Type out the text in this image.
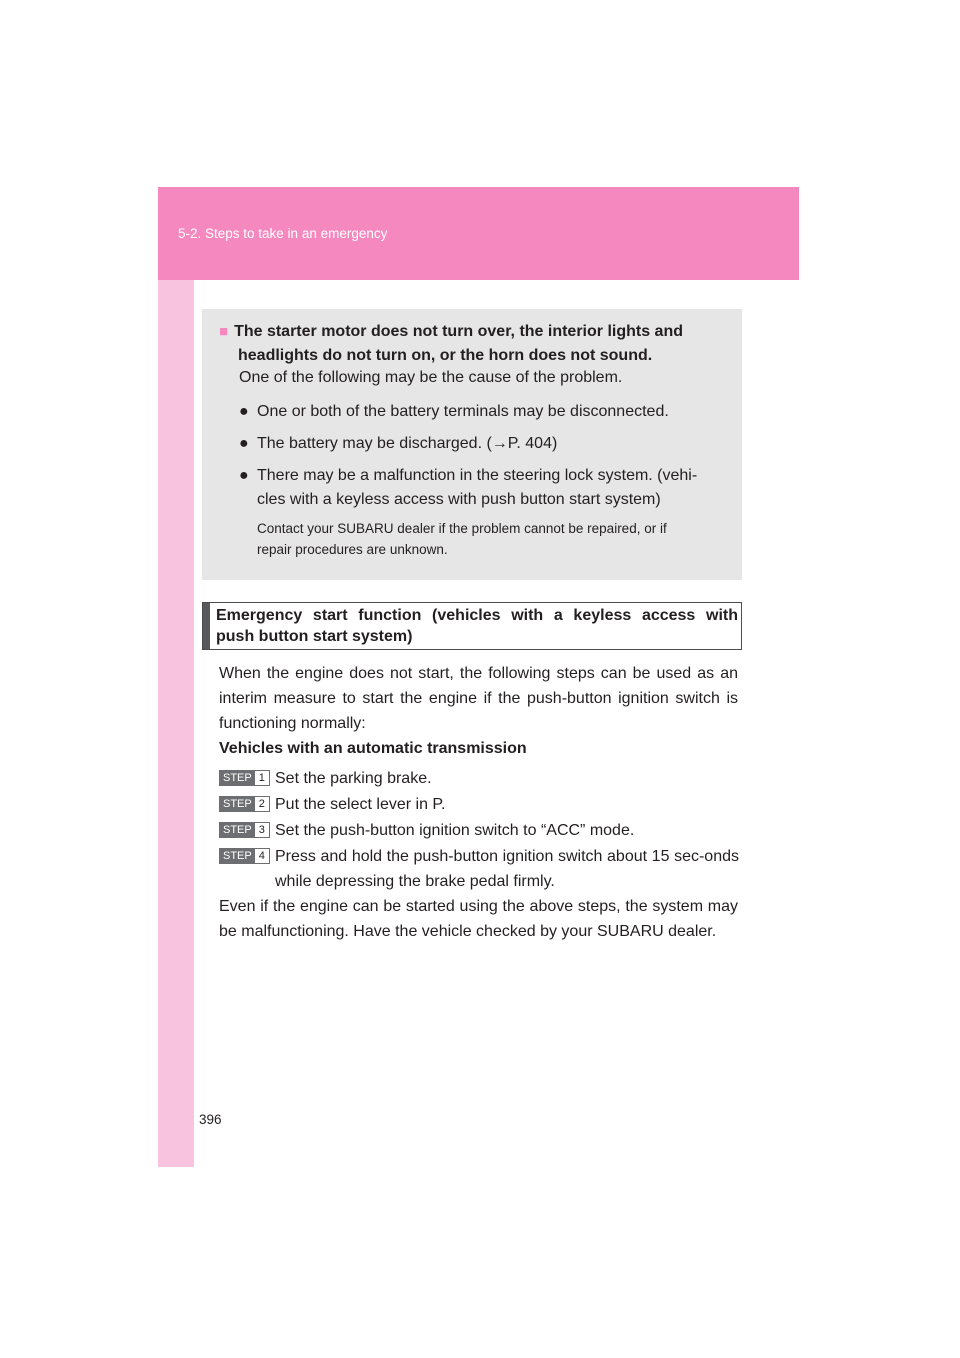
5-2. Steps to take in an emergency
■ The starter motor does not turn over, the interior lights and
headlights do not turn on, or the horn does not sound.
One of the following may be the cause of the problem.
● One or both of the battery terminals may be disconnected.
● The battery may be discharged. (→P. 404)
● There may be a malfunction in the steering lock system. (vehi-
cles with a keyless access with push button start system)
Contact your SUBARU dealer if the problem cannot be repaired, or if
repair procedures are unknown.
Emergency start function (vehicles with a keyless access with
push button start system)
When the engine does not start, the following steps can be used as an interim measure to start the engine if the push-button ignition switch is functioning normally:
Vehicles with an automatic transmission
STEP 1 Set the parking brake.
STEP 2 Put the select lever in P.
STEP 3 Set the push-button ignition switch to “ACC” mode.
STEP 4 Press and hold the push-button ignition switch about 15 sec-onds while depressing the brake pedal firmly.
Even if the engine can be started using the above steps, the system may be malfunctioning. Have the vehicle checked by your SUBARU dealer.
396
